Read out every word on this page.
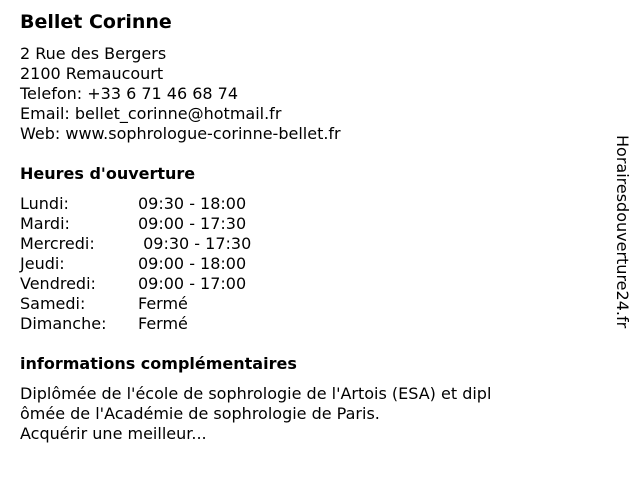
Bellet Corinne
2 Rue des Bergers
2100 Remaucourt
Telefon: +33 6 71 46 68 74
Email: bellet_corinne@hotmail.fr
Web: www.sophrologue-corinne-bellet.fr
Heures d'ouverture
Lundi:	09:30 - 18:00
Mardi:	09:00 - 17:30
Mercredi:	09:30 - 17:30
Jeudi:	09:00 - 18:00
Vendredi:	09:00 - 17:00
Samedi:	Fermé
Dimanche:	Fermé
informations complémentaires
Diplômée de l'école de sophrologie de l'Artois (ESA) et dipl
ômée de l'Académie de sophrologie de Paris.
Acquérir une meilleur...
Horairesdouverture24.fr
